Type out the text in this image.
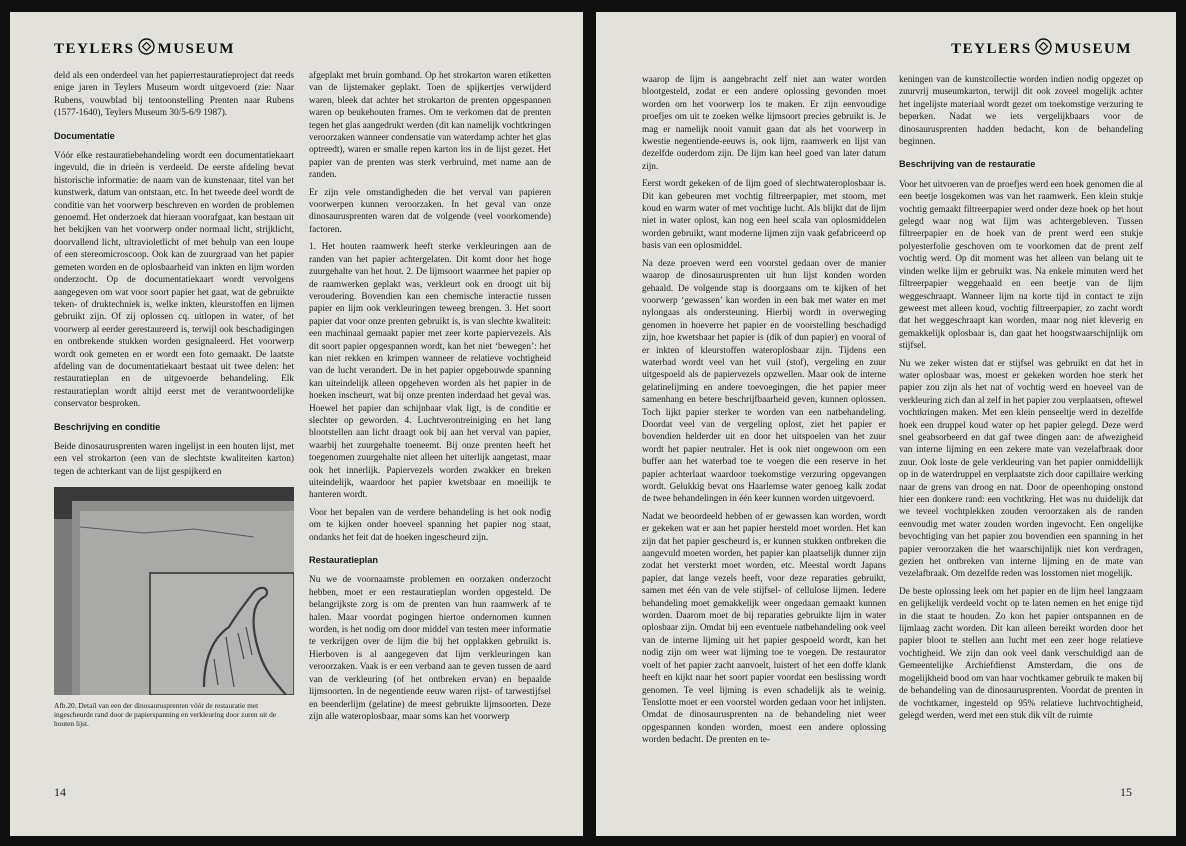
TEYLERS MUSEUM

deld als een onderdeel van het papierrestauratieproject dat reeds enige jaren in Teylers Museum wordt uitgevoerd (zie: Naar Rubens, vouwblad bij tentoonstelling Prenten naar Rubens (1577-1640), Teylers Museum 30/5-6/9 1987).

Documentatie

Vóór elke restauratiebehandeling wordt een documentatiekaart ingevuld, die in drieën is verdeeld. De eerste afdeling bevat historische informatie: de naam van de kunstenaar, titel van het kunstwerk, datum van ontstaan, etc. In het tweede deel wordt de conditie van het voorwerp beschreven en worden de problemen genoemd. Het onderzoek dat hieraan voorafgaat, kan bestaan uit het bekijken van het voorwerp onder normaal licht, strijklicht, doorvallend licht, ultravioletlicht of met behulp van een loupe of een stereomicroscoop. Ook kan de zuurgraad van het papier gemeten worden en de oplosbaarheid van inkten en lijm worden onderzocht. Op de documentatiekaart wordt vervolgens aangegeven om wat voor soort papier het gaat, wat de gebruikte teken- of druktechniek is, welke inkten, kleurstoffen en lijmen gebruikt zijn. Of zij oplossen cq. uitlopen in water, of het voorwerp al eerder gerestaureerd is, terwijl ook beschadigingen en ontbrekende stukken worden gesignaleerd. Het voorwerp wordt ook gemeten en er wordt een foto gemaakt. De laatste afdeling van de documentatiekaart bestaat uit twee delen: het restauratieplan en de uitgevoerde behandeling. Elk restauratieplan wordt altijd eerst met de verantwoordelijke conservator besproken.

Beschrijving en conditie

Beide dinosaurusprenten waren ingelijst in een houten lijst, met een vel strokarton (een van de slechtste kwaliteiten karton) tegen de achterkant van de lijst gespijkerd en

Afb.20. Detail van een der dinosaurusprenten vóór de restauratie met ingescheurde rand door de papierspanning en verkleuring door zuren uit de houten lijst.

afgeplakt met bruin gomband. Op het strokarton waren etiketten van de lijstemaker geplakt. Toen de spijkertjes verwijderd waren, bleek dat achter het strokarton de prenten opgespannen waren op beukehouten frames. Om te verkomen dat de prenten tegen het glas aangedrukt werden (dit kan namelijk vochtkringen veroorzaken wanneer condensatie van waterdamp achter het glas optreedt), waren er smalle repen karton los in de lijst gezet. Het papier van de prenten was sterk verbruind, met name aan de randen.

Er zijn vele omstandigheden die het verval van papieren voorwerpen kunnen veroorzaken. In het geval van onze dinosaurusprenten waren dat de volgende (veel voorkomende) factoren.

1. Het houten raamwerk heeft sterke verkleuringen aan de randen van het papier achtergelaten. Dit komt door het hoge zuurgehalte van het hout. 2. De lijmsoort waarmee het papier op de raamwerken geplakt was, verkleurt ook en droogt uit bij veroudering. Bovendien kan een chemische interactie tussen papier en lijm ook verkleuringen teweeg brengen. 3. Het soort papier dat voor onze prenten gebruikt is, is van slechte kwaliteit: een machinaal gemaakt papier met zeer korte papiervezels. Als dit soort papier opgespannen wordt, kan het niet ‘bewegen’: het kan niet rekken en krimpen wanneer de relatieve vochtigheid van de lucht verandert. De in het papier opgebouwde spanning kan uiteindelijk alleen opgeheven worden als het papier in de hoeken inscheurt, wat bij onze prenten inderdaad het geval was. Hoewel het papier dan schijnbaar vlak ligt, is de conditie er slechter op geworden. 4. Luchtverontreiniging en het lang blootstellen aan licht draagt ook bij aan het verval van papier, waarbij het zuurgehalte toeneemt. Bij onze prenten heeft het toegenomen zuurgehalte niet alleen het uiterlijk aangetast, maar ook het innerlijk. Papiervezels worden zwakker en breken uiteindelijk, waardoor het papier kwetsbaar en moeilijk te hanteren wordt.

Voor het bepalen van de verdere behandeling is het ook nodig om te kijken onder hoeveel spanning het papier nog staat, ondanks het feit dat de hoeken ingescheurd zijn.

Restauratieplan

Nu we de voornaamste problemen en oorzaken onderzocht hebben, moet er een restauratieplan worden opgesteld. De belangrijkste zorg is om de prenten van hun raamwerk af te halen. Maar voordat pogingen hiertoe ondernomen kunnen worden, is het nodig om door middel van testen meer informatie te verkrijgen over de lijm die bij het opplakken gebruikt is. Hierboven is al aangegeven dat lijm verkleuringen kan veroorzaken. Vaak is er een verband aan te geven tussen de aard van de verkleuring (of het ontbreken ervan) en bepaalde lijmsoorten. In de negentiende eeuw waren rijst- of tarwestijfsel en beenderlijm (gelatine) de meest gebruikte lijmsoorten. Deze zijn alle wateroplosbaar, maar soms kan het voorwerp

14
TEYLERS MUSEUM

waarop de lijm is aangebracht zelf niet aan water worden blootgesteld, zodat er een andere oplossing gevonden moet worden om het voorwerp los te maken. Er zijn eenvoudige proefjes om uit te zoeken welke lijmsoort precies gebruikt is. Je mag er namelijk nooit vanuit gaan dat als het voorwerp in kwestie negentiende-eeuws is, ook lijm, raamwerk en lijst van dezelfde ouderdom zijn. De lijm kan heel goed van later datum zijn.

Eerst wordt gekeken of de lijm goed of slechtwateroplosbaar is. Dit kan gebeuren met vochtig filtreerpapier, met stoom, met koud en warm water of met vochtige lucht. Als blijkt dat de lijm niet in water oplost, kan nog een heel scala van oplosmiddelen worden gebruikt, want moderne lijmen zijn vaak gefabriceerd op basis van een oplosmiddel.

Na deze proeven werd een voorstel gedaan over de manier waarop de dinosaurusprenten uit hun lijst konden worden gehaald. De volgende stap is doorgaans om te kijken of het voorwerp ‘gewassen’ kan worden in een bak met water en met nylongaas als ondersteuning. Hierbij wordt in overweging genomen in hoeverre het papier en de voorstelling beschadigd zijn, hoe kwetsbaar het papier is (dik of dun papier) en vooral of er inkten of kleurstoffen wateroplosbaar zijn. Tijdens een waterbad wordt veel van het vuil (stof), vergeling en zuur uitgespoeld als de papiervezels opzwellen. Maar ook de interne gelatinelijming en andere toevoegingen, die het papier meer samenhang en betere beschrijfbaarheid geven, kunnen oplossen. Toch lijkt papier sterker te worden van een natbehandeling. Doordat veel van de vergeling oplost, ziet het papier er bovendien helderder uit en door het uitspoelen van het zuur wordt het papier neutraler. Het is ook niet ongewoon om een buffer aan het waterbad toe te voegen die een reserve in het papier achterlaat waardoor toekomstige verzuring opgevangen wordt. Gelukkig bevat ons Haarlemse water genoeg kalk zodat de twee behandelingen in één keer kunnen worden uitgevoerd.

Nadat we beoordeeld hebben of er gewassen kan worden, wordt er gekeken wat er aan het papier hersteld moet worden. Het kan zijn dat het papier gescheurd is, er kunnen stukken ontbreken die aangevuld moeten worden, het papier kan plaatselijk dunner zijn zodat het versterkt moet worden, etc. Meestal wordt Japans papier, dat lange vezels heeft, voor deze reparaties gebruikt, samen met één van de vele stijfsel- of cellulose lijmen. Iedere behandeling moet gemakkelijk weer ongedaan gemaakt kunnen worden. Daarom moet de bij reparaties gebruikte lijm in water oplosbaar zijn. Omdat bij een eventuele natbehandeling ook veel van de interne lijming uit het papier gespoeld wordt, kan het nodig zijn om weer wat lijming toe te voegen. De restaurator voelt of het papier zacht aanvoelt, luistert of het een doffe klank heeft en kijkt naar het soort papier voordat een beslissing wordt genomen. Te veel lijming is even schadelijk als te weinig. Tenslotte moet er een voorstel worden gedaan voor het inlijsten. Omdat de dinosaurusprenten na de behandeling niet weer opgespannen konden worden, moest een andere oplossing worden bedacht. De prenten en te-

keningen van de kunstcollectie worden indien nodig opgezet op zuurvrij museumkarton, terwijl dit ook zoveel mogelijk achter het ingelijste materiaal wordt gezet om toekomstige verzuring te beperken. Nadat we iets vergelijkbaars voor de dinosaurusprenten hadden bedacht, kon de behandeling beginnen.

Beschrijving van de restauratie

Voor het uitvoeren van de proefjes werd een hoek genomen die al een beetje losgekomen was van het raamwerk. Een klein stukje vochtig gemaakt filtreerpapier werd onder deze hoek op het hout gelegd waar nog wat lijm was achtergebleven. Tussen filtreerpapier en de hoek van de prent werd een stukje polyesterfolie geschoven om te voorkomen dat de prent zelf vochtig werd. Op dit moment was het alleen van belang uit te vinden welke lijm er gebruikt was. Na enkele minuten werd het filtreerpapier weggehaald en een beetje van de lijm weggeschraapt. Wanneer lijm na korte tijd in contact te zijn geweest met alleen koud, vochtig filtreerpapier, zo zacht wordt dat het weggeschraapt kan worden, maar nog niet kleverig en gemakkelijk oplosbaar is, dan gaat het hoogstwaarschijnlijk om stijfsel.

Nu we zeker wisten dat er stijfsel was gebruikt en dat het in water oplosbaar was, moest er gekeken worden hoe sterk het papier zou zijn als het nat of vochtig werd en hoeveel van de verkleuring zich dan al zelf in het papier zou verplaatsen, oftewel vochtkringen maken. Met een klein penseeltje werd in dezelfde hoek een druppel koud water op het papier gelegd. Deze werd snel geabsorbeerd en dat gaf twee dingen aan: de afwezigheid van interne lijming en een zekere mate van vezelafbraak door zuur. Ook loste de gele verkleuring van het papier onmiddellijk op in de waterdruppel en verplaatste zich door capillaire werking naar de grens van droog en nat. Door de opeenhoping onstond hier een donkere rand: een vochtkring. Het was nu duidelijk dat we teveel vochtplekken zouden veroorzaken als de randen eenvoudig met water zouden worden ingevocht. Een ongelijke bevochtiging van het papier zou bovendien een spanning in het papier veroorzaken die het waarschijnlijk niet kon verdragen, gezien het ontbreken van interne lijming en de mate van vezelafbraak. Om dezelfde reden was losstomen niet mogelijk.

De beste oplossing leek om het papier en de lijm heel langzaam en gelijkelijk verdeeld vocht op te laten nemen en het enige tijd in die staat te houden. Zo kon het papier ontspannen en de lijmlaag zacht worden. Dit kan alleen bereikt worden door het papier bloot te stellen aan lucht met een zeer hoge relatieve vochtigheid. We zijn dan ook veel dank verschuldigd aan de Gemeentelijke Archiefdienst Amsterdam, die ons de mogelijkheid bood om van haar vochtkamer gebruik te maken bij de behandeling van de dinosaurusprenten. Voordat de prenten in de vochtkamer, ingesteld op 95% relatieve luchtvochtigheid, gelegd werden, werd met een stuk dik vilt de ruimte

15
